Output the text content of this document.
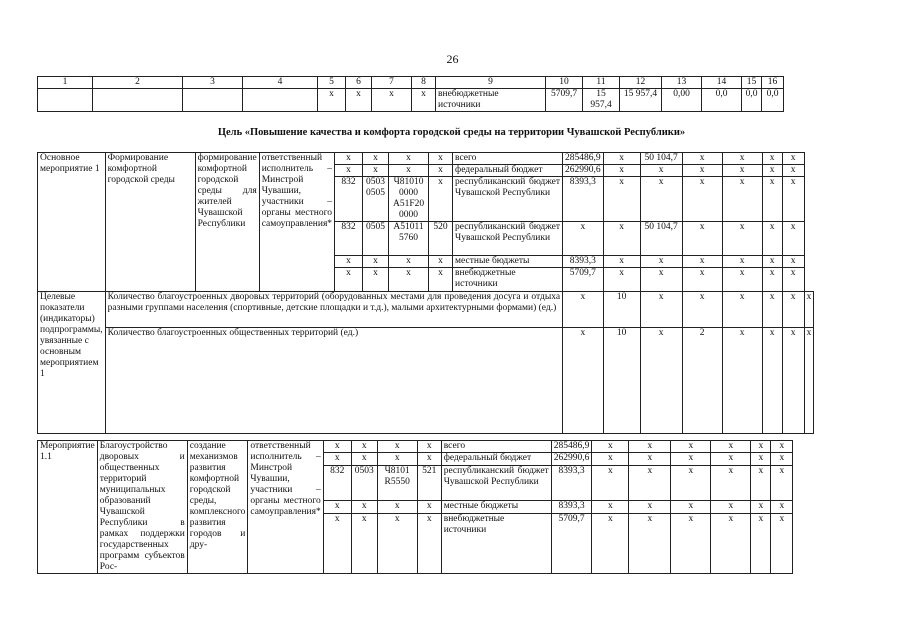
26
1	2	3	4	5	6	7	8	9	10	11	12	13	14	15	16
				х	х	х	х	внебюджетные источники	5709,7	15 957,4	15 957,4	0,00	0,0	0,0	0,0
Цель «Повышение качества и комфорта городской среды на территории Чувашской Республики»
Основное мероприятие 1	Формирование комфортной городской среды	формирование комфортной городской среды для жителей Чувашской Республики	ответственный исполнитель – Минстрой Чувашии, участники – органы местного самоуправления*	х	х	х	х	всего	285486,9	х	50 104,7	х	х	х	х	
				х	х	х	х	федеральный бюджет	262990,6	х	х	х	х	х	х	
				832	0503 0505	Ч81010 0000 А51F20 0000	х	республиканский бюджет Чувашской Республики	8393,3	х	х	х	х	х	х	
				832	0505	А51011 5760	520	республиканский бюджет Чувашской Республики	х	х	50 104,7	х	х	х	х	
				х	х	х	х	местные бюджеты	8393,3	х	х	х	х	х	х	
				х	х	х	х	внебюджетные источники	5709,7	х	х	х	х	х	х	
Целевые показатели (индикаторы) подпрограммы, увязанные с основным мероприятием 1	Количество благоустроенных дворовых территорий (оборудованных местами для проведения досуга и отдыха разными группами населения (спортивные, детские площадки и т.д.), малыми архитектурными формами) (ед.)								х	10	х	х	х	х	х	х
	Количество благоустроенных общественных территорий (ед.)								х	10	х	2	х	х	х	х
Мероприятие 1.1	Благоустройство дворовых и общественных территорий муниципальных образований Чувашской Республики в рамках поддержки государственных программ субъектов Рос-	создание механизмов развития комфортной городской среды, комплексного развития городов и дру-	ответственный исполнитель – Минстрой Чувашии, участники – органы местного самоуправления*	х	х	х	х	всего	285486,9	х	х	х	х	х	х
				х	х	х	х	федеральный бюджет	262990,6	х	х	х	х	х	х
				832	0503	Ч8101 R5550	521	республиканский бюджет Чувашской Республики	8393,3	х	х	х	х	х	х
				х	х	х	х	местные бюджеты	8393,3	х	х	х	х	х	х
				х	х	х	х	внебюджетные источники	5709,7	х	х	х	х	х	х
